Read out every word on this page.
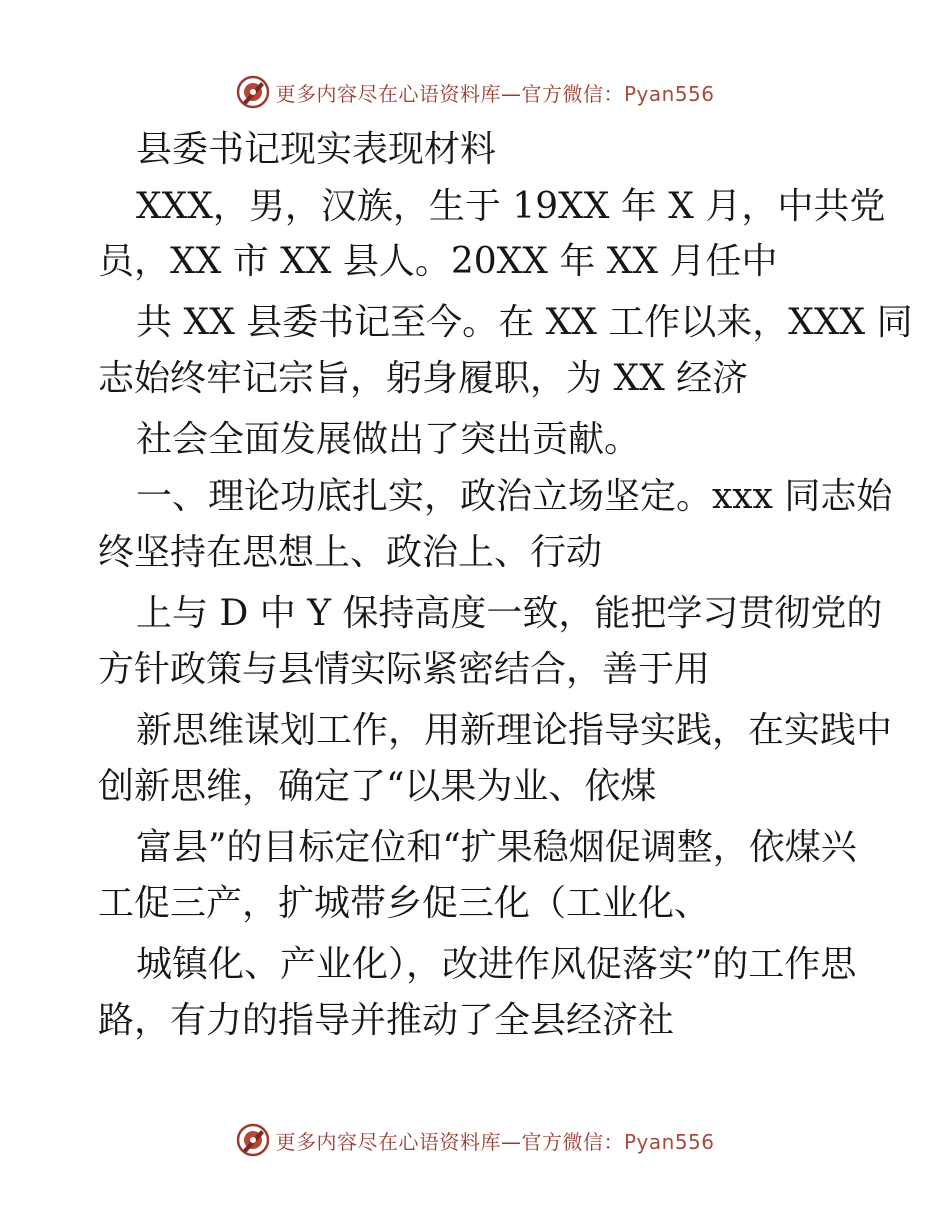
更多内容尽在心语资料库—官方微信：Pyan556
县委书记现实表现材料
XXX，男，汉族，生于 19XX 年 X 月，中共党
员，XX 市 XX 县人。20XX 年 XX 月任中
共 XX 县委书记至今。在 XX 工作以来，XXX 同
志始终牢记宗旨，躬身履职，为 XX 经济
社会全面发展做出了突出贡献。
一、理论功底扎实，政治立场坚定。xxx 同志始
终坚持在思想上、政治上、行动
上与 D 中 Y 保持高度一致，能把学习贯彻党的
方针政策与县情实际紧密结合，善于用
新思维谋划工作，用新理论指导实践，在实践中
创新思维，确定了“以果为业、依煤
富县”的目标定位和“扩果稳烟促调整，依煤兴
工促三产，扩城带乡促三化（工业化、
城镇化、产业化），改进作风促落实”的工作思
路，有力的指导并推动了全县经济社
更多内容尽在心语资料库—官方微信：Pyan556
